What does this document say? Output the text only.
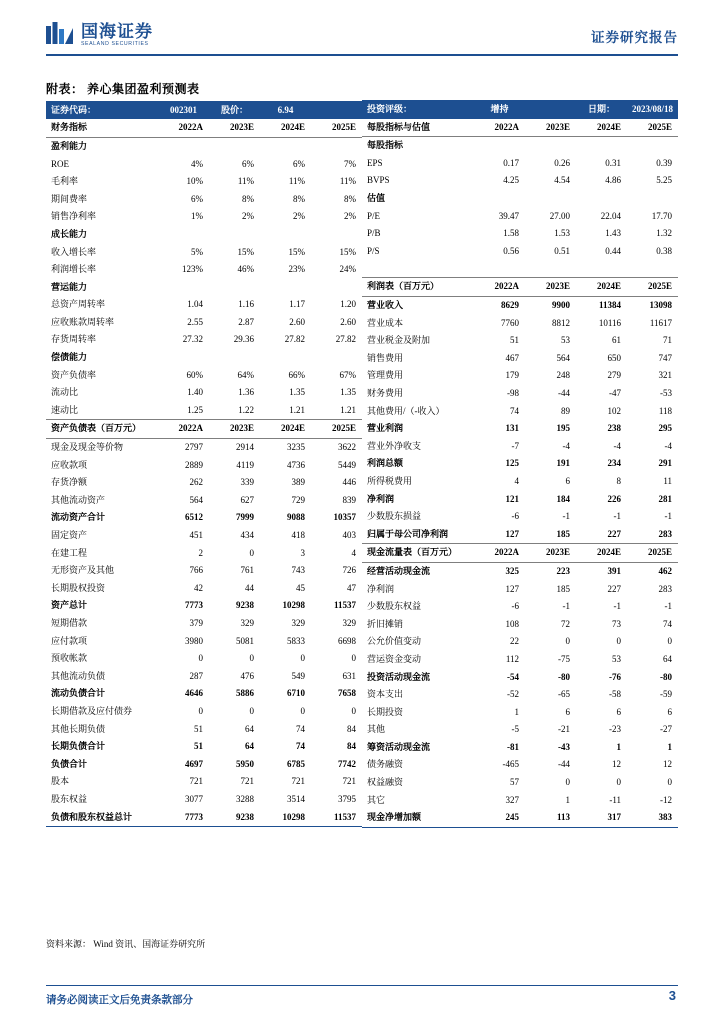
国海证券
SEALAND SECURITIES	证券研究报告
附表： 养心集团盈利预测表
证券代码：	002301	股价：	6.94	
财务指标	2022A	2023E	2024E	2025E
盈利能力				
ROE	4%	6%	6%	7%
毛利率	10%	11%	11%	11%
期间费率	6%	8%	8%	8%
销售净利率	1%	2%	2%	2%
成长能力				
收入增长率	5%	15%	15%	15%
利润增长率	123%	46%	23%	24%
营运能力				
总资产周转率	1.04	1.16	1.17	1.20
应收账款周转率	2.55	2.87	2.60	2.60
存货周转率	27.32	29.36	27.82	27.82
偿债能力				
资产负债率	60%	64%	66%	67%
流动比	1.40	1.36	1.35	1.35
速动比	1.25	1.22	1.21	1.21
资产负债表（百万元）	2022A	2023E	2024E	2025E
现金及现金等价物	2797	2914	3235	3622
应收款项	2889	4119	4736	5449
存货净额	262	339	389	446
其他流动资产	564	627	729	839
流动资产合计	6512	7999	9088	10357
固定资产	451	434	418	403
在建工程	2	0	3	4
无形资产及其他	766	761	743	726
长期股权投资	42	44	45	47
资产总计	7773	9238	10298	11537
短期借款	379	329	329	329
应付款项	3980	5081	5833	6698
预收帐款	0	0	0	0
其他流动负债	287	476	549	631
流动负债合计	4646	5886	6710	7658
长期借款及应付债券	0	0	0	0
其他长期负债	51	64	74	84
长期负债合计	51	64	74	84
负债合计	4697	5950	6785	7742
股本	721	721	721	721
股东权益	3077	3288	3514	3795
负债和股东权益总计	7773	9238	10298	11537

投资评级：	增持		日期：	2023/08/18
每股指标与估值	2022A	2023E	2024E	2025E
每股指标				
EPS	0.17	0.26	0.31	0.39
BVPS	4.25	4.54	4.86	5.25
估值				
P/E	39.47	27.00	22.04	17.70
P/B	1.58	1.53	1.43	1.32
P/S	0.56	0.51	0.44	0.38

利润表（百万元）	2022A	2023E	2024E	2025E
营业收入	8629	9900	11384	13098
营业成本	7760	8812	10116	11617
营业税金及附加	51	53	61	71
销售费用	467	564	650	747
管理费用	179	248	279	321
财务费用	-98	-44	-47	-53
其他费用/（-收入）	74	89	102	118
营业利润	131	195	238	295
营业外净收支	-7	-4	-4	-4
利润总额	125	191	234	291
所得税费用	4	6	8	11
净利润	121	184	226	281
少数股东损益	-6	-1	-1	-1
归属于母公司净利润	127	185	227	283
现金流量表（百万元）	2022A	2023E	2024E	2025E
经营活动现金流	325	223	391	462
净利润	127	185	227	283
少数股东权益	-6	-1	-1	-1
折旧摊销	108	72	73	74
公允价值变动	22	0	0	0
营运资金变动	112	-75	53	64
投资活动现金流	-54	-80	-76	-80
资本支出	-52	-65	-58	-59
长期投资	1	6	6	6
其他	-5	-21	-23	-27
筹资活动现金流	-81	-43	1	1
债务融资	-465	-44	12	12
权益融资	57	0	0	0
其它	327	1	-11	-12
现金净增加额	245	113	317	383
资料来源： Wind 资讯、国海证券研究所
请务必阅读正文后免责条款部分	3
